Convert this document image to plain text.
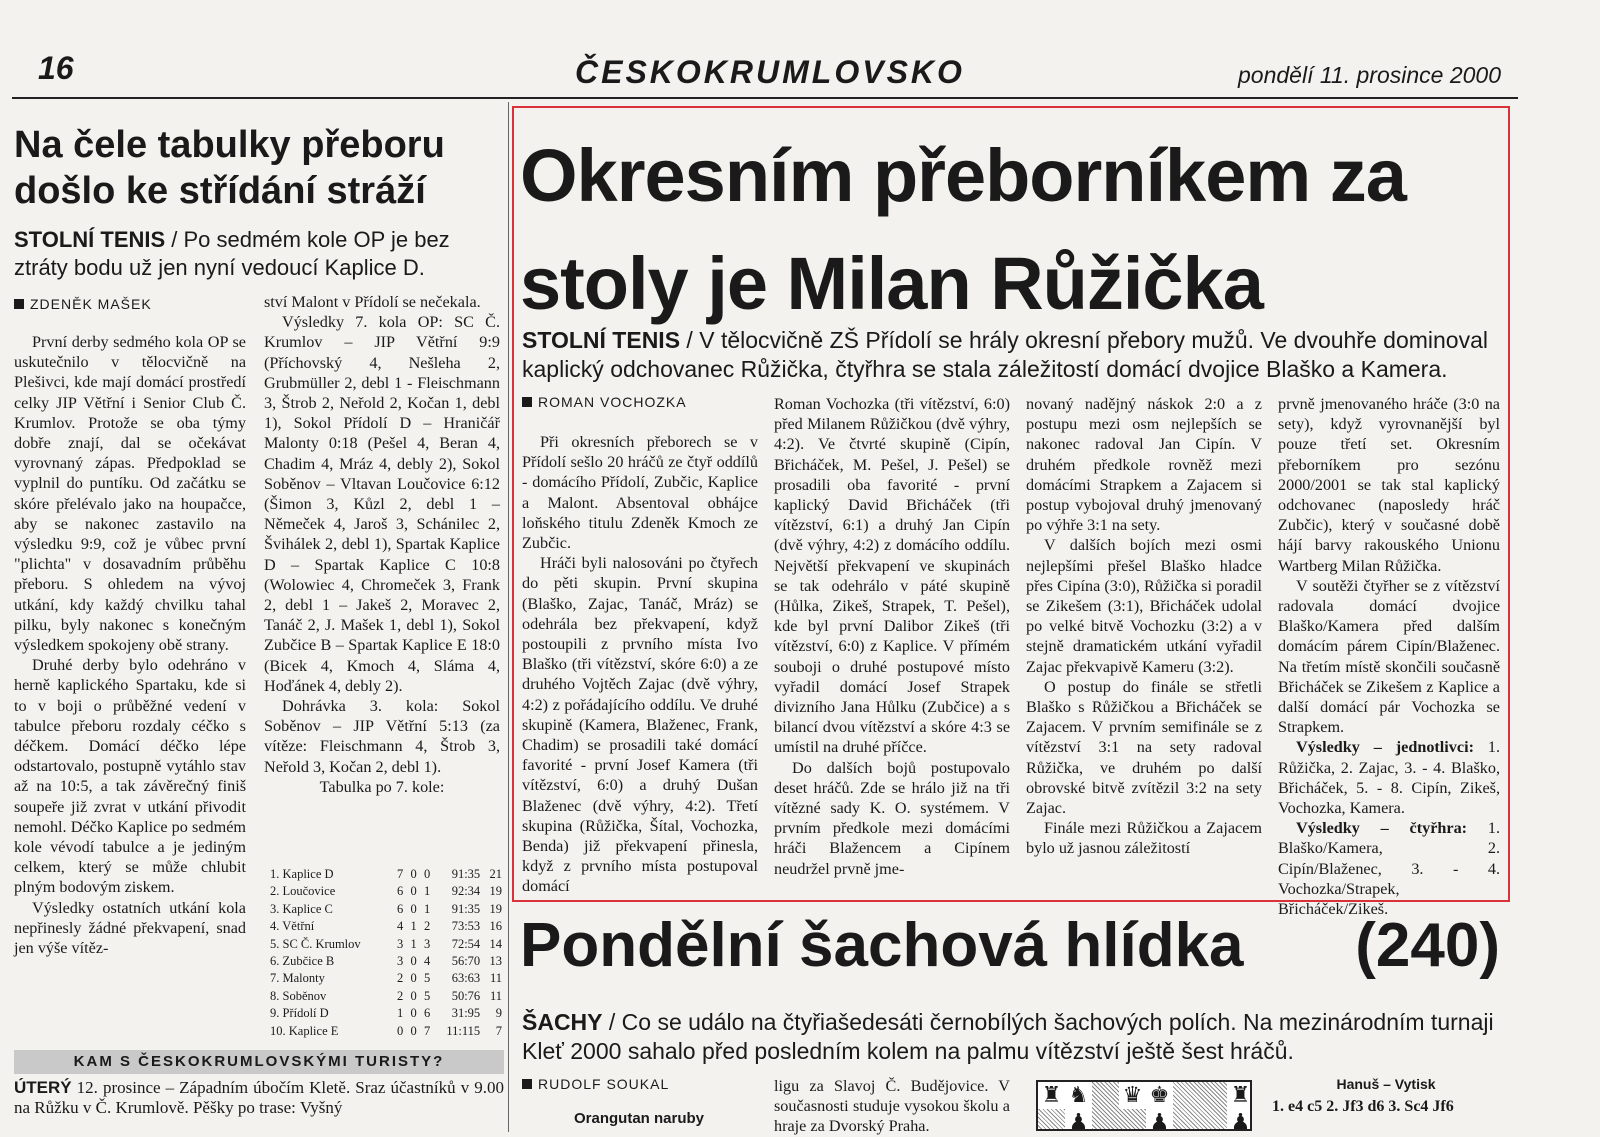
16	ČESKOKRUMLOVSKO	pondělí 11. prosince 2000
Na čele tabulky přeboru došlo ke střídání stráží
STOLNÍ TENIS / Po sedmém kole OP je bez ztráty bodu už jen nyní vedoucí Kaplice D.
ZDENĚK MAŠEK

První derby sedmého kola OP se uskutečnilo v tělocvičně na Plešivci, kde mají domácí prostředí celky JIP Větřní i Senior Club Č. Krumlov. Protože se oba týmy dobře znají, dal se očekávat vyrovnaný zápas. Předpoklad se vyplnil do puntíku. Od začátku se skóre přelévalo jako na houpačce, aby se nakonec zastavilo na výsledku 9:9, což je vůbec první "plichta" v dosavadním průběhu přeboru. S ohledem na vývoj utkání, kdy každý chvilku tahal pilku, byly nakonec s konečným výsledkem spokojeny obě strany.

Druhé derby bylo odehráno v herně kaplického Spartaku, kde si to v boji o průběžné vedení v tabulce přeboru rozdaly céčko s déčkem. Domácí déčko lépe odstartovalo, postupně vytáhlo stav až na 10:5, a tak závěrečný finiš soupeře již zvrat v utkání přivodit nemohl. Déčko Kaplice po sedmém kole vévodí tabulce a je jediným celkem, který se může chlubit plným bodovým ziskem.

Výsledky ostatních utkání kola nepřinesly žádné překvapení, snad jen výše vítěz-

ství Malont v Přídolí se nečekala.

Výsledky 7. kola OP: SC Č. Krumlov – JIP Větřní 9:9 (Příchovský 4, Nešleha 2, Grubmüller 2, debl 1 - Fleischmann 3, Štrob 2, Neřold 2, Kočan 1, debl 1), Sokol Přídolí D – Hraničář Malonty 0:18 (Pešel 4, Beran 4, Chadim 4, Mráz 4, debly 2), Sokol Soběnov – Vltavan Loučovice 6:12 (Šimon 3, Kůzl 2, debl 1 – Němeček 4, Jaroš 3, Schánilec 2, Švihálek 2, debl 1), Spartak Kaplice D – Spartak Kaplice C 10:8 (Wolowiec 4, Chromeček 3, Frank 2, debl 1 – Jakeš 2, Moravec 2, Tanáč 2, J. Mašek 1, debl 1), Sokol Zubčice B – Spartak Kaplice E 18:0 (Bicek 4, Kmoch 4, Sláma 4, Hoďánek 4, debly 2).

Dohrávka 3. kola: Sokol Soběnov – JIP Větřní 5:13 (za vítěze: Fleischmann 4, Štrob 3, Neřold 3, Kočan 2, debl 1).

Tabulka po 7. kole:

1. Kaplice D	7	0	0	91:35	21
2. Loučovice	6	0	1	92:34	19
3. Kaplice C	6	0	1	91:35	19
4. Větřní	4	1	2	73:53	16
5. SC Č. Krumlov	3	1	3	72:54	14
6. Zubčice B	3	0	4	56:70	13
7. Malonty	2	0	5	63:63	11
8. Soběnov	2	0	5	50:76	11
9. Přídolí D	1	0	6	31:95	9
10. Kaplice E	0	0	7	11:115	7
KAM S ČESKOKRUMLOVSKÝMI TURISTY?
ÚTERÝ 12. prosince – Západním úbočím Kletě. Sraz účastníků v 9.00 na Růžku v Č. Krumlově. Pěšky po trase: Vyšný
Okresním přeborníkem za stoly je Milan Růžička
STOLNÍ TENIS / V tělocvičně ZŠ Přídolí se hrály okresní přebory mužů. Ve dvouhře dominoval kaplický odchovanec Růžička, čtyřhra se stala záležitostí domácí dvojice Blaško a Kamera.
ROMAN VOCHOZKA

Při okresních přeborech se v Přídolí sešlo 20 hráčů ze čtyř oddílů - domácího Přídolí, Zubčic, Kaplice a Malont. Absentoval obhájce loňského titulu Zdeněk Kmoch ze Zubčic.

Hráči byli nalosováni po čtyřech do pěti skupin. První skupina (Blaško, Zajac, Tanáč, Mráz) se odehrála bez překvapení, když postoupili z prvního místa Ivo Blaško (tři vítězství, skóre 6:0) a ze druhého Vojtěch Zajac (dvě výhry, 4:2) z pořádajícího oddílu. Ve druhé skupině (Kamera, Blaženec, Frank, Chadim) se prosadili také domácí favorité - první Josef Kamera (tři vítězství, 6:0) a druhý Dušan Blaženec (dvě výhry, 4:2). Třetí skupina (Růžička, Šítal, Vochozka, Benda) již překvapení přinesla, když z prvního místa postupoval domácí

Roman Vochozka (tři vítězství, 6:0) před Milanem Růžičkou (dvě výhry, 4:2). Ve čtvrté skupině (Cipín, Břicháček, M. Pešel, J. Pešel) se prosadili oba favorité - první kaplický David Břicháček (tři vítězství, 6:1) a druhý Jan Cipín (dvě výhry, 4:2) z domácího oddílu. Největší překvapení ve skupinách se tak odehrálo v páté skupině (Hůlka, Zikeš, Strapek, T. Pešel), kde byl první Dalibor Zikeš (tři vítězství, 6:0) z Kaplice. V přímém souboji o druhé postupové místo vyřadil domácí Josef Strapek divizního Jana Hůlku (Zubčice) a s bilancí dvou vítězství a skóre 4:3 se umístil na druhé příčce.

Do dalších bojů postupovalo deset hráčů. Zde se hrálo již na tři vítězné sady K. O. systémem. V prvním předkole mezi domácími hráči Blažencem a Cipínem neudržel prvně jme-

novaný nadějný náskok 2:0 a z postupu mezi osm nejlepších se nakonec radoval Jan Cipín. V druhém předkole rovněž mezi domácími Strapkem a Zajacem si postup vybojoval druhý jmenovaný po výhře 3:1 na sety.

V dalších bojích mezi osmi nejlepšími přešel Blaško hladce přes Cipína (3:0), Růžička si poradil se Zikešem (3:1), Břicháček udolal po velké bitvě Vochozku (3:2) a v stejně dramatickém utkání vyřadil Zajac překvapivě Kameru (3:2).

O postup do finále se střetli Blaško s Růžičkou a Břicháček se Zajacem. V prvním semifinále se z vítězství 3:1 na sety radoval Růžička, ve druhém po další obrovské bitvě zvítězil 3:2 na sety Zajac.

Finále mezi Růžičkou a Zajacem bylo už jasnou záležitostí

prvně jmenovaného hráče (3:0 na sety), když vyrovnanější byl pouze třetí set. Okresním přeborníkem pro sezónu 2000/2001 se tak stal kaplický odchovanec (naposledy hráč Zubčic), který v současné době hájí barvy rakouského Unionu Wartberg Milan Růžička.

V soutěži čtyřher se z vítězství radovala domácí dvojice Blaško/Kamera před dalším domácím párem Cipín/Blaženec. Na třetím místě skončili současně Břicháček se Zikešem z Kaplice a další domácí pár Vochozka se Strapkem.

Výsledky – jednotlivci: 1. Růžička, 2. Zajac, 3. - 4. Blaško, Břicháček, 5. - 8. Cipín, Zikeš, Vochozka, Kamera.

Výsledky – čtyřhra: 1. Blaško/Kamera, 2. Cipín/Blaženec, 3. - 4. Vochozka/Strapek, Břicháček/Zikeš.

Pondělní šachová hlídka (240)
ŠACHY / Co se událo na čtyřiašedesáti černobílých šachových polích. Na mezinárodním turnaji Kleť 2000 sahalo před posledním kolem na palmu vítězství ještě šest hráčů.
RUDOLF SOUKAL
Orangutan naruby

ligu za Slavoj Č. Budějovice. V současnosti studuje vysokou školu a hraje za Dvorský Praha.

♜ ♞ ♛ ♚	♜
♟	♟	♟
Hanuš – Vytisk
1. e4 c5 2. Jf3 d6 3. Sc4 Jf6
